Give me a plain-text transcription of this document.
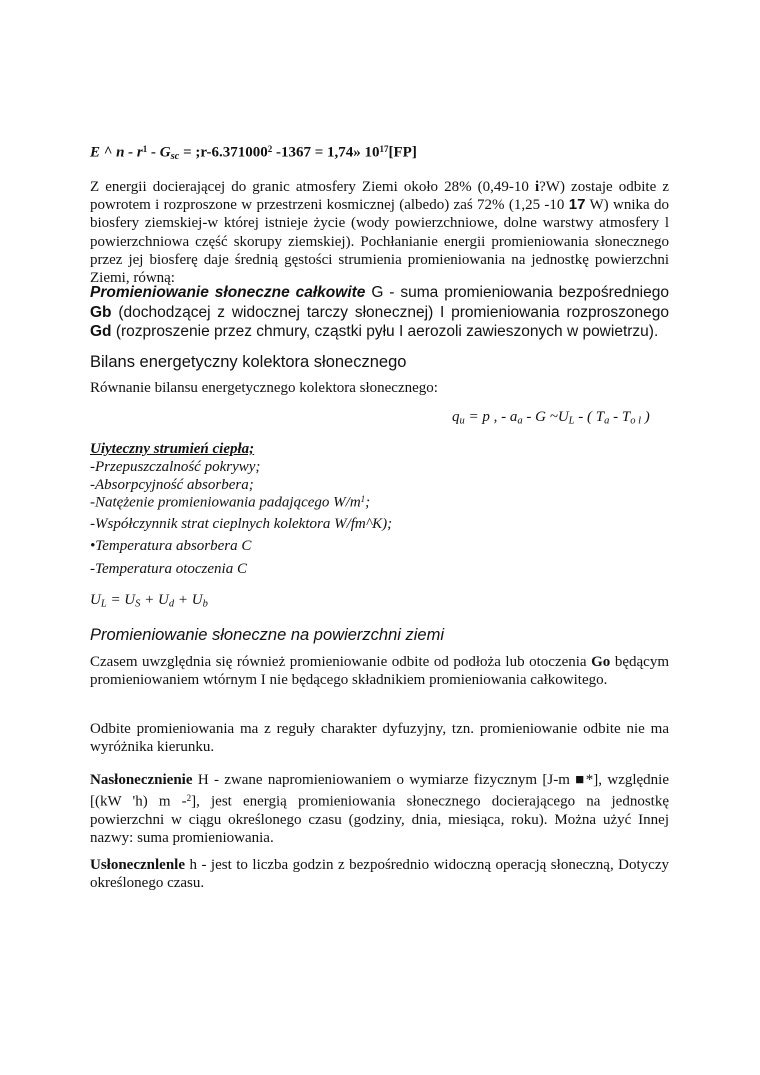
E ^ n - $r^1 - G_{sc}$ = $;r-6.371000^2$ -1367 = 1,74» $10^{17}[FP]$
Z energii docierającej do granic atmosfery Ziemi około 28% (0,49-10 i?W) zostaje odbite z powrotem i rozproszone w przestrzeni kosmicznej (albedo) zaś 72% (1,25 -10 17 W) wnika do biosfery ziemskiej-w której istnieje życie (wody powierzchniowe, dolne warstwy atmosfery l powierzchniowa część skorupy ziemskiej). Pochłanianie energii promieniowania słonecznego przez jej biosferę daje średnią gęstości strumienia promieniowania na jednostkę powierzchni Ziemi, równą:
Promieniowanie słoneczne całkowite G - suma promieniowania bezpośredniego Gb (dochodzącej z widocznej tarczy słonecznej) I promieniowania rozproszonego Gd (rozproszenie przez chmury, cząstki pyłu I aerozoli zawieszonych w powietrzu).
Bilans energetyczny kolektora słonecznego
Równanie bilansu energetycznego kolektora słonecznego:
$q_u = p$ , - $a_a$ - G $\sim U_L$ - ( $T_a - T_{o l}$ )
Uiyteczny strumień ciepła;
-Przepuszczalność pokrywy;
-Absorpcyjność absorbera;
-Natężenie promieniowania padającego $W/m^1$;
-Współczynnik strat cieplnych kolektora W/fm^K);
•Temperatura absorbera C
-Temperatura otoczenia C
$U_L = U_S + U_d + U_b$
Promieniowanie słoneczne na powierzchni ziemi
Czasem uwzględnia się również promieniowanie odbite od podłoża lub otoczenia Go będącym promieniowaniem wtórnym I nie będącego składnikiem promieniowania całkowitego.
Odbite promieniowania ma z reguły charakter dyfuzyjny, tzn. promieniowanie odbite nie ma wyróżnika kierunku.
Nasłonecznienie H - zwane napromieniowaniem o wymiarze fizycznym [J-m ■*], względnie [(kW 'h) m -$^2$], jest energią promieniowania słonecznego docierającego na jednostkę powierzchni w ciągu określonego czasu (godziny, dnia, miesiąca, roku). Można użyć Innej nazwy: suma promieniowania.
Usłonecznlenle h - jest to liczba godzin z bezpośrednio widoczną operacją słoneczną, Dotyczy określonego czasu.
